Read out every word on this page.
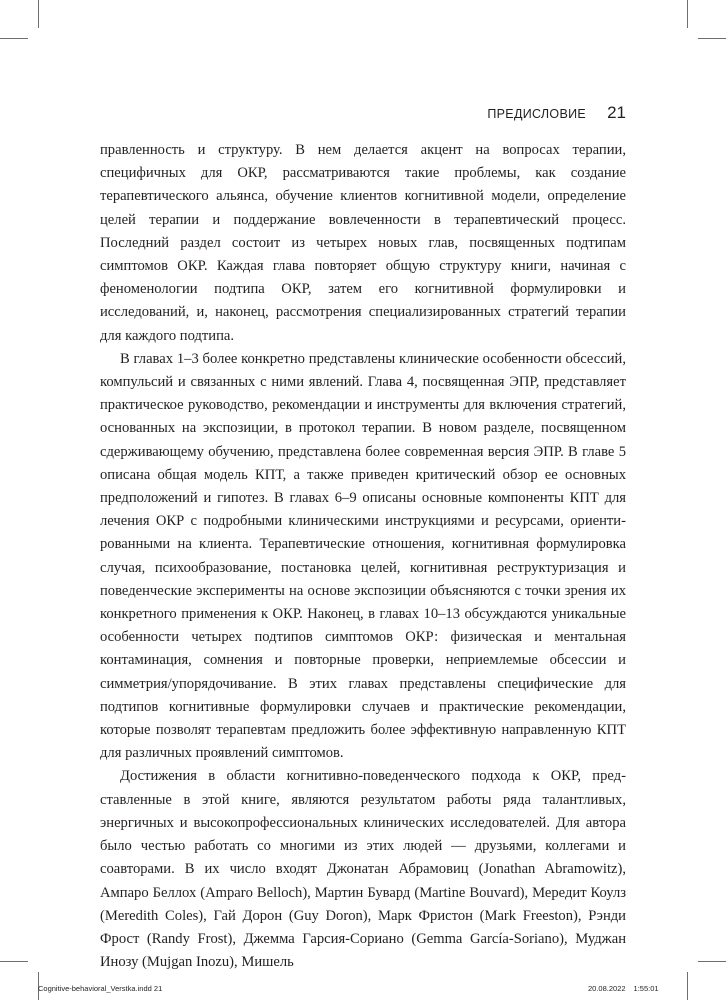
ПРЕДИСЛОВИЕ 21

правленность и структуру. В нем делается акцент на вопросах терапии, специфичных для ОКР, рассматриваются такие проблемы, как создание терапевтического альянса, обучение клиентов когнитивной модели, определение целей терапии и поддержание вовлеченности в терапевтический процесс. Последний раздел состоит из четырех новых глав, посвященных подтипам симптомов ОКР. Каждая глава повторяет общую структуру книги, начиная с феноменологии подтипа ОКР, затем его когнитивной формулировки и исследований, и, наконец, рассмотрения специализированных стратегий терапии для каждого подтипа.

В главах 1–3 более конкретно представлены клинические особенности обсессий, компульсий и связанных с ними явлений. Глава 4, посвященная ЭПР, представляет практическое руководство, рекомендации и инструменты для включения стратегий, основанных на экспозиции, в протокол терапии. В новом разделе, посвященном сдерживающему обучению, представлена более современная версия ЭПР. В главе 5 описана общая модель КПТ, а также приведен критический обзор ее основных предположений и гипотез. В главах 6–9 описаны основные компоненты КПТ для лечения ОКР с подробными клиническими инструкциями и ресурсами, ориентированными на клиента. Терапевтические отношения, когнитивная формулировка случая, психообразование, постановка целей, когнитивная реструктуризация и поведенческие эксперименты на основе экспозиции объясняются с точки зрения их конкретного применения к ОКР. Наконец, в главах 10–13 обсуждаются уникальные особенности четырех подтипов симптомов ОКР: физическая и ментальная контаминация, сомнения и повторные проверки, неприемлемые обсессии и симметрия/упорядочивание. В этих главах представлены специфические для подтипов когнитивные формулировки случаев и практические рекомендации, которые позволят терапевтам предложить более эффективную направленную КПТ для различных проявлений симптомов.

Достижения в области когнитивно-поведенческого подхода к ОКР, представленные в этой книге, являются результатом работы ряда талантливых, энергичных и высокопрофессиональных клинических исследователей. Для автора было честью работать со многими из этих людей — друзьями, коллегами и соавторами. В их число входят Джонатан Абрамовиц (Jonathan Abramowitz), Ампаро Беллох (Amparo Belloch), Мартин Бувард (Martine Bouvard), Мередит Коулз (Meredith Coles), Гай Дорон (Guy Doron), Марк Фристон (Mark Freeston), Рэнди Фрост (Randy Frost), Джемма Гарсия-Сориано (Gemma García-Soriano), Муджан Инозу (Mujgan Inozu), Мишель

Cognitive-behavioral_Verstka.indd 21	20.08.2022 1:55:01
